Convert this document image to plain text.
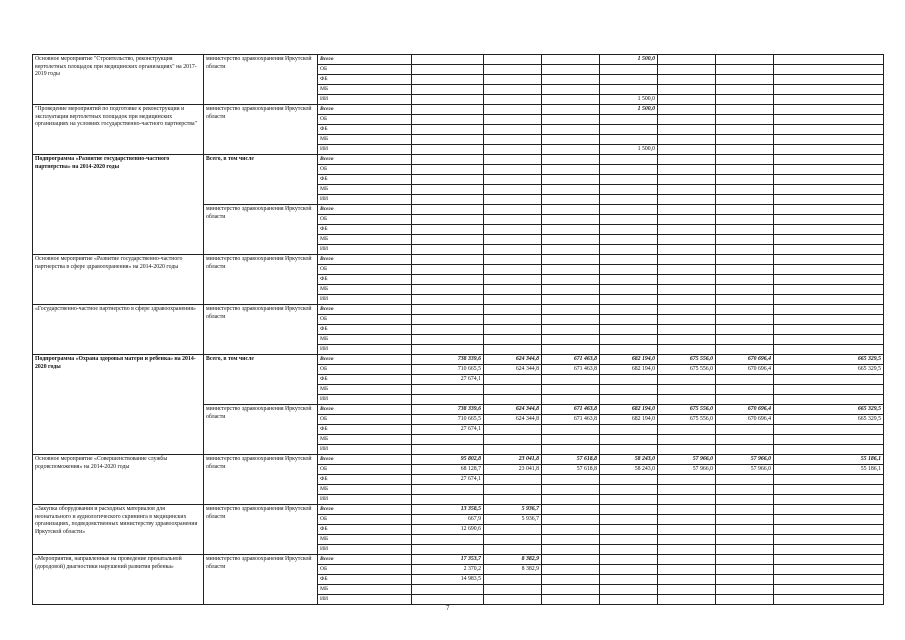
Основное мероприятие "Строительство, реконструкция вертолетных площадок при медицинских организациях" на 2017-2019 годы	министерство здравоохранения Иркутской области	Всего				1 500,0			
		ОБ							
		ФБ							
		МБ							
		ИИ				1 500,0			
"Проведение мероприятий по подготовке к реконструкции и эксплуатации вертолетных площадок при медицинских организациях на условиях государственно-частного партнерства"	министерство здравоохранения Иркутской области	Всего				1 500,0			
		ОБ							
		ФБ							
		МБ							
		ИИ				1 500,0			
Подпрограмма «Развитие государственно-частного партнерства» на 2014-2020 годы	Всего, в том числе	Всего							
		ОБ							
		ФБ							
		МБ							
		ИИ							
	министерство здравоохранения Иркутской области	Всего							
		ОБ							
		ФБ							
		МБ							
		ИИ							
Основное мероприятие «Развитие государственно-частного партнерства в сфере здравоохранения» на 2014-2020 годы	министерство здравоохранения Иркутской области	Всего							
		ОБ							
		ФБ							
		МБ							
		ИИ							
«Государственно-частное партнерство в сфере здравоохранения»	министерство здравоохранения Иркутской области	Всего							
		ОБ							
		ФБ							
		МБ							
		ИИ							
Подпрограмма «Охрана здоровья матери и ребенка» на 2014-2020 годы	Всего, в том числе	Всего	738 339,6	624 344,8	671 463,8	682 194,0	675 556,0	670 696,4	665 329,5
		ОБ	710 665,5	624 344,8	671 463,8	682 194,0	675 556,0	670 696,4	665 329,5
		ФБ	27 674,1						
		МБ							
		ИИ							
	министерство здравоохранения Иркутской области	Всего	738 339,6	624 344,8	671 463,8	682 194,0	675 556,0	670 696,4	665 329,5
		ОБ	710 665,5	624 344,8	671 463,8	682 194,0	675 556,0	670 696,4	665 329,5
		ФБ	27 674,1						
		МБ							
		ИИ							
Основное мероприятие «Совершенствование службы родовспоможения» на 2014-2020 годы	министерство здравоохранения Иркутской области	Всего	95 802,8	23 041,8	57 618,8	58 243,0	57 966,0	57 966,0	55 186,1
		ОБ	68 128,7	23 041,8	57 618,8	58 243,0	57 966,0	57 966,0	55 186,1
		ФБ	27 674,1						
		МБ							
		ИИ							
«Закупка оборудования и расходных материалов для неонатального и аудиологического скрининга в медицинских организациях, подведомственных министерству здравоохранения Иркутской области»	министерство здравоохранения Иркутской области	Всего	13 358,5	5 936,7					
		ОБ	667,9	5 936,7					
		ФБ	12 690,6						
		МБ							
		ИИ							
«Мероприятия, направленные на проведение пренатальной (дородовой) диагностики нарушений развития ребенка»	министерство здравоохранения Иркутской области	Всего	17 353,7	8 382,9					
		ОБ	2 370,2	8 382,9					
		ФБ	14 983,5						
		МБ							
		ИИ							
7
